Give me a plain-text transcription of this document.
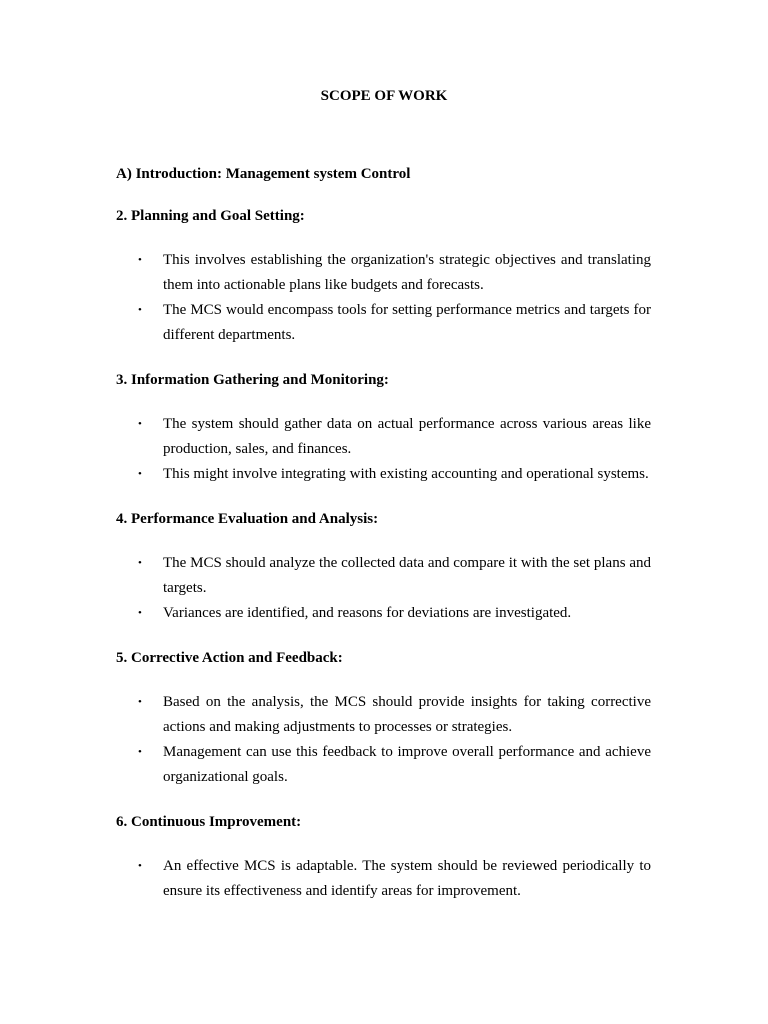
SCOPE OF WORK

A) Introduction: Management system Control

2. Planning and Goal Setting:

• This involves establishing the organization's strategic objectives and translating them into actionable plans like budgets and forecasts.
• The MCS would encompass tools for setting performance metrics and targets for different departments.

3. Information Gathering and Monitoring:

• The system should gather data on actual performance across various areas like production, sales, and finances.
• This might involve integrating with existing accounting and operational systems.

4. Performance Evaluation and Analysis:

• The MCS should analyze the collected data and compare it with the set plans and targets.
• Variances are identified, and reasons for deviations are investigated.

5. Corrective Action and Feedback:

• Based on the analysis, the MCS should provide insights for taking corrective actions and making adjustments to processes or strategies.
• Management can use this feedback to improve overall performance and achieve organizational goals.

6. Continuous Improvement:

• An effective MCS is adaptable. The system should be reviewed periodically to ensure its effectiveness and identify areas for improvement.
